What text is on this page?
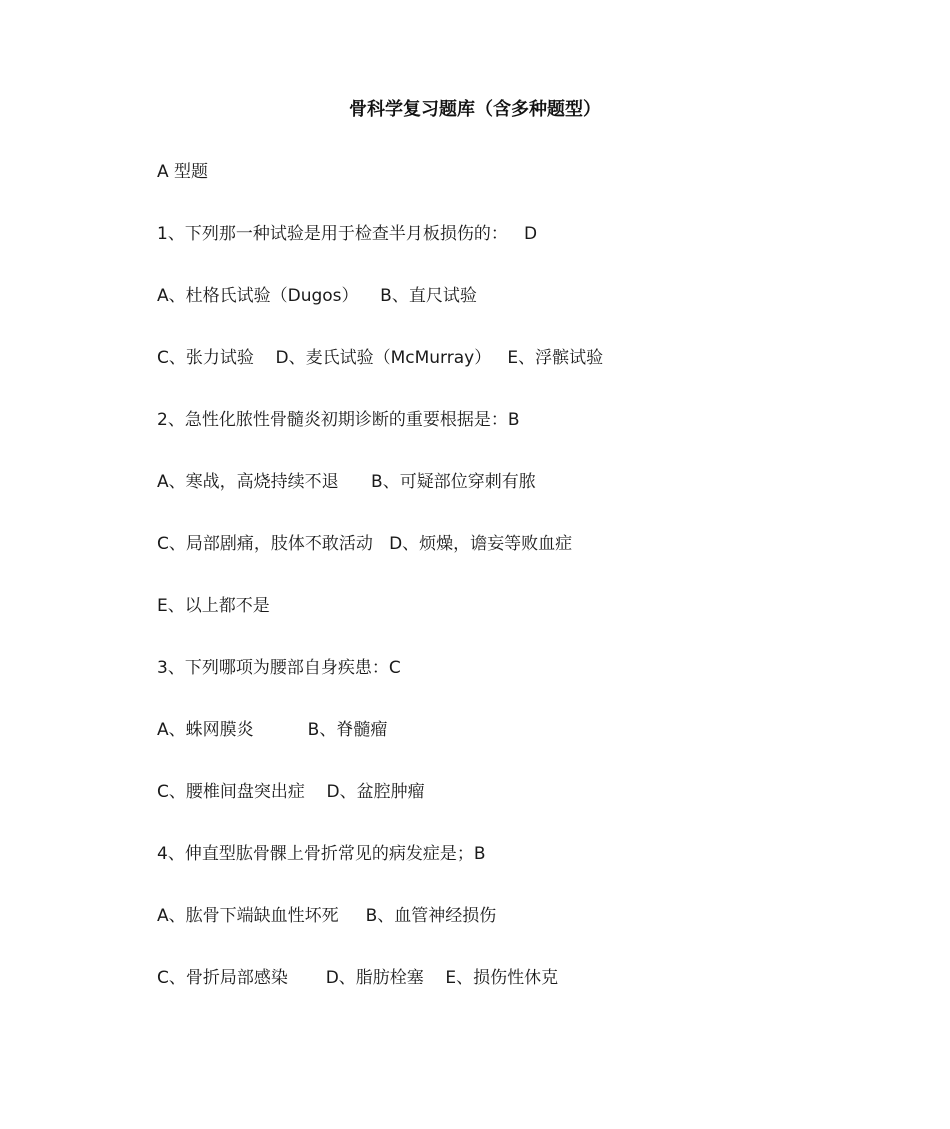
骨科学复习题库（含多种题型）
A 型题
1、下列那一种试验是用于检查半月板损伤的：   D
A、杜格氏试验（Dugos）    B、直尺试验
C、张力试验    D、麦氏试验（McMurray）   E、浮髌试验
2、急性化脓性骨髓炎初期诊断的重要根据是：B
A、寒战，高烧持续不退      B、可疑部位穿刺有脓
C、局部剧痛，肢体不敢活动   D、烦燥，谵妄等败血症
E、以上都不是
3、下列哪项为腰部自身疾患：C
A、蛛网膜炎          B、脊髓瘤
C、腰椎间盘突出症    D、盆腔肿瘤
4、伸直型肱骨髁上骨折常见的病发症是；B
A、肱骨下端缺血性坏死     B、血管神经损伤
C、骨折局部感染       D、脂肪栓塞    E、损伤性休克
